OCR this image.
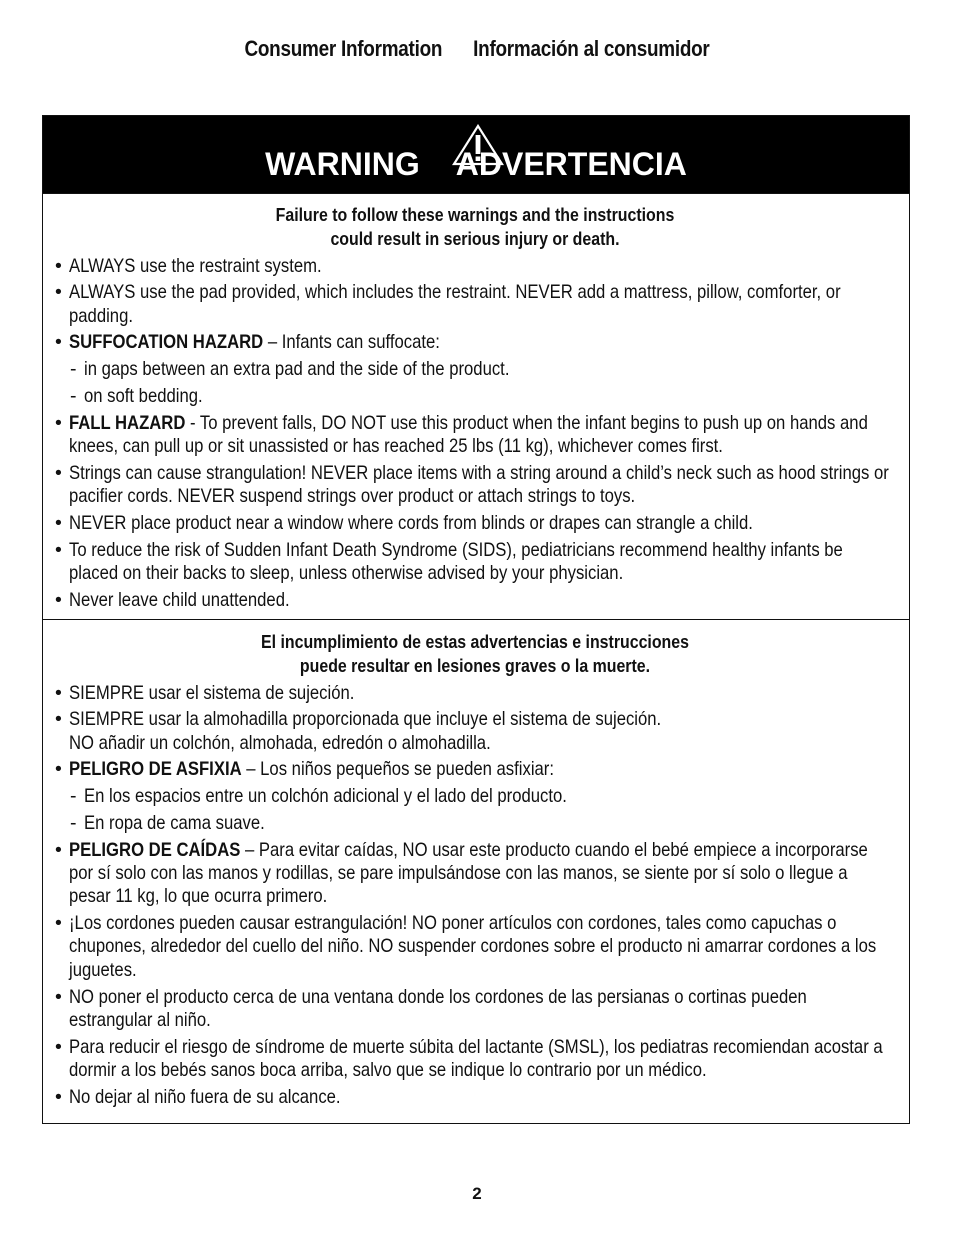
Consumer Information Información al consumidor
WARNING ADVERTENCIA
Failure to follow these warnings and the instructions
could result in serious injury or death.
• ALWAYS use the restraint system.
• ALWAYS use the pad provided, which includes the restraint. NEVER add a mattress, pillow, comforter, or padding.
• SUFFOCATION HAZARD – Infants can suffocate:
- in gaps between an extra pad and the side of the product.
- on soft bedding.
• FALL HAZARD - To prevent falls, DO NOT use this product when the infant begins to push up on hands and knees, can pull up or sit unassisted or has reached 25 lbs (11 kg), whichever comes first.
• Strings can cause strangulation! NEVER place items with a string around a child’s neck such as hood strings or pacifier cords. NEVER suspend strings over product or attach strings to toys.
• NEVER place product near a window where cords from blinds or drapes can strangle a child.
• To reduce the risk of Sudden Infant Death Syndrome (SIDS), pediatricians recommend healthy infants be placed on their backs to sleep, unless otherwise advised by your physician.
• Never leave child unattended.
El incumplimiento de estas advertencias e instrucciones
puede resultar en lesiones graves o la muerte.
• SIEMPRE usar el sistema de sujeción.
• SIEMPRE usar la almohadilla proporcionada que incluye el sistema de sujeción.
NO añadir un colchón, almohada, edredón o almohadilla.
• PELIGRO DE ASFIXIA – Los niños pequeños se pueden asfixiar:
- En los espacios entre un colchón adicional y el lado del producto.
- En ropa de cama suave.
• PELIGRO DE CAÍDAS – Para evitar caídas, NO usar este producto cuando el bebé empiece a incorporarse por sí solo con las manos y rodillas, se pare impulsándose con las manos, se siente por sí solo o llegue a pesar 11 kg, lo que ocurra primero.
• ¡Los cordones pueden causar estrangulación! NO poner artículos con cordones, tales como capuchas o chupones, alrededor del cuello del niño. NO suspender cordones sobre el producto ni amarrar cordones a los juguetes.
• NO poner el producto cerca de una ventana donde los cordones de las persianas o cortinas pueden estrangular al niño.
• Para reducir el riesgo de síndrome de muerte súbita del lactante (SMSL), los pediatras recomiendan acostar a dormir a los bebés sanos boca arriba, salvo que se indique lo contrario por un médico.
• No dejar al niño fuera de su alcance.
2
